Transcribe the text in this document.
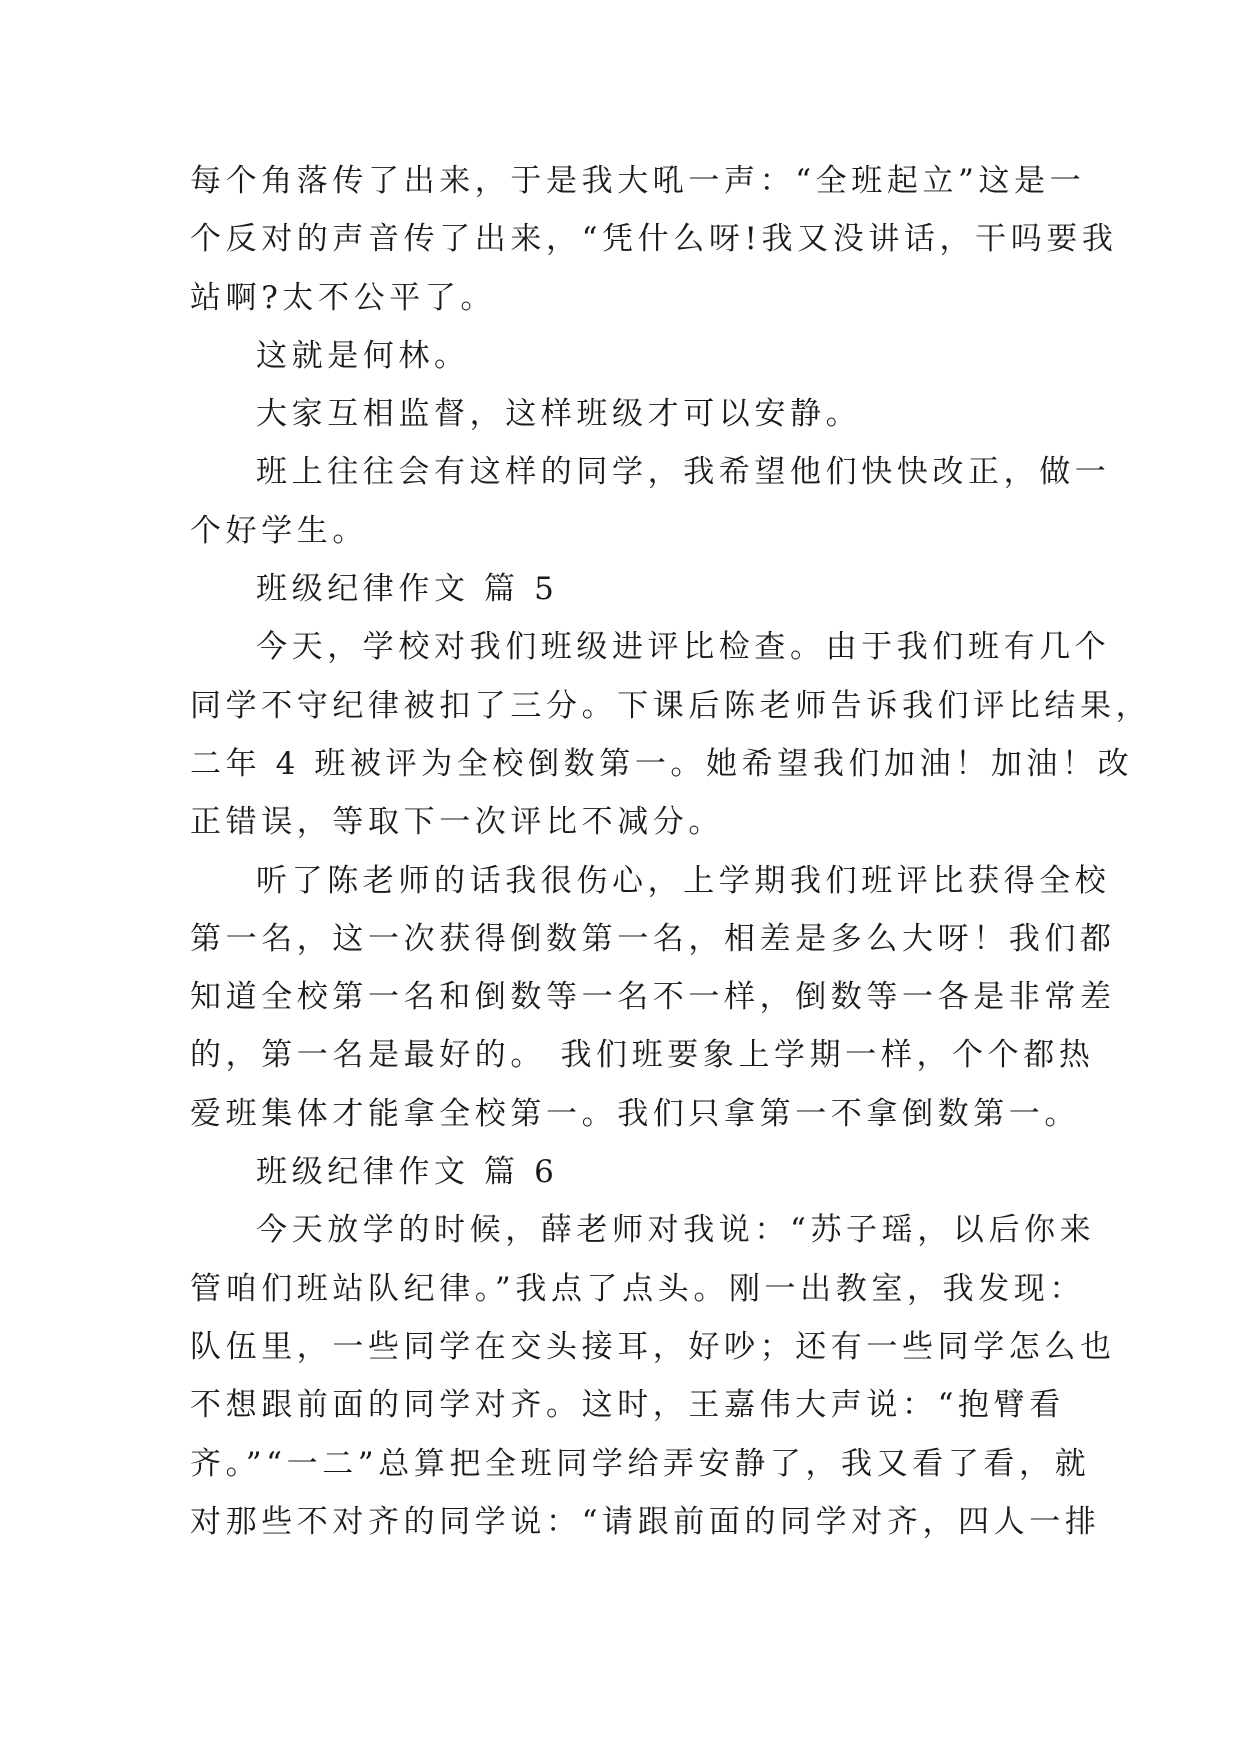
每个角落传了出来，于是我大吼一声：“全班起立”这是一
个反对的声音传了出来，“凭什么呀!我又没讲话，干吗要我
站啊?太不公平了。
这就是何林。
大家互相监督，这样班级才可以安静。
班上往往会有这样的同学，我希望他们快快改正，做一
个好学生。
班级纪律作文 篇 5
今天，学校对我们班级进评比检查。由于我们班有几个
同学不守纪律被扣了三分。下课后陈老师告诉我们评比结果，
二年 4 班被评为全校倒数第一。她希望我们加油！加油！改
正错误，等取下一次评比不减分。
听了陈老师的话我很伤心，上学期我们班评比获得全校
第一名，这一次获得倒数第一名，相差是多么大呀！我们都
知道全校第一名和倒数等一名不一样，倒数等一各是非常差
的，第一名是最好的。 我们班要象上学期一样，个个都热
爱班集体才能拿全校第一。我们只拿第一不拿倒数第一。
班级纪律作文 篇 6
今天放学的时候，薛老师对我说：“苏子瑶，以后你来
管咱们班站队纪律。”我点了点头。刚一出教室，我发现：
队伍里，一些同学在交头接耳，好吵；还有一些同学怎么也
不想跟前面的同学对齐。这时，王嘉伟大声说：“抱臂看
齐。”“一二”总算把全班同学给弄安静了，我又看了看，就
对那些不对齐的同学说：“请跟前面的同学对齐，四人一排
